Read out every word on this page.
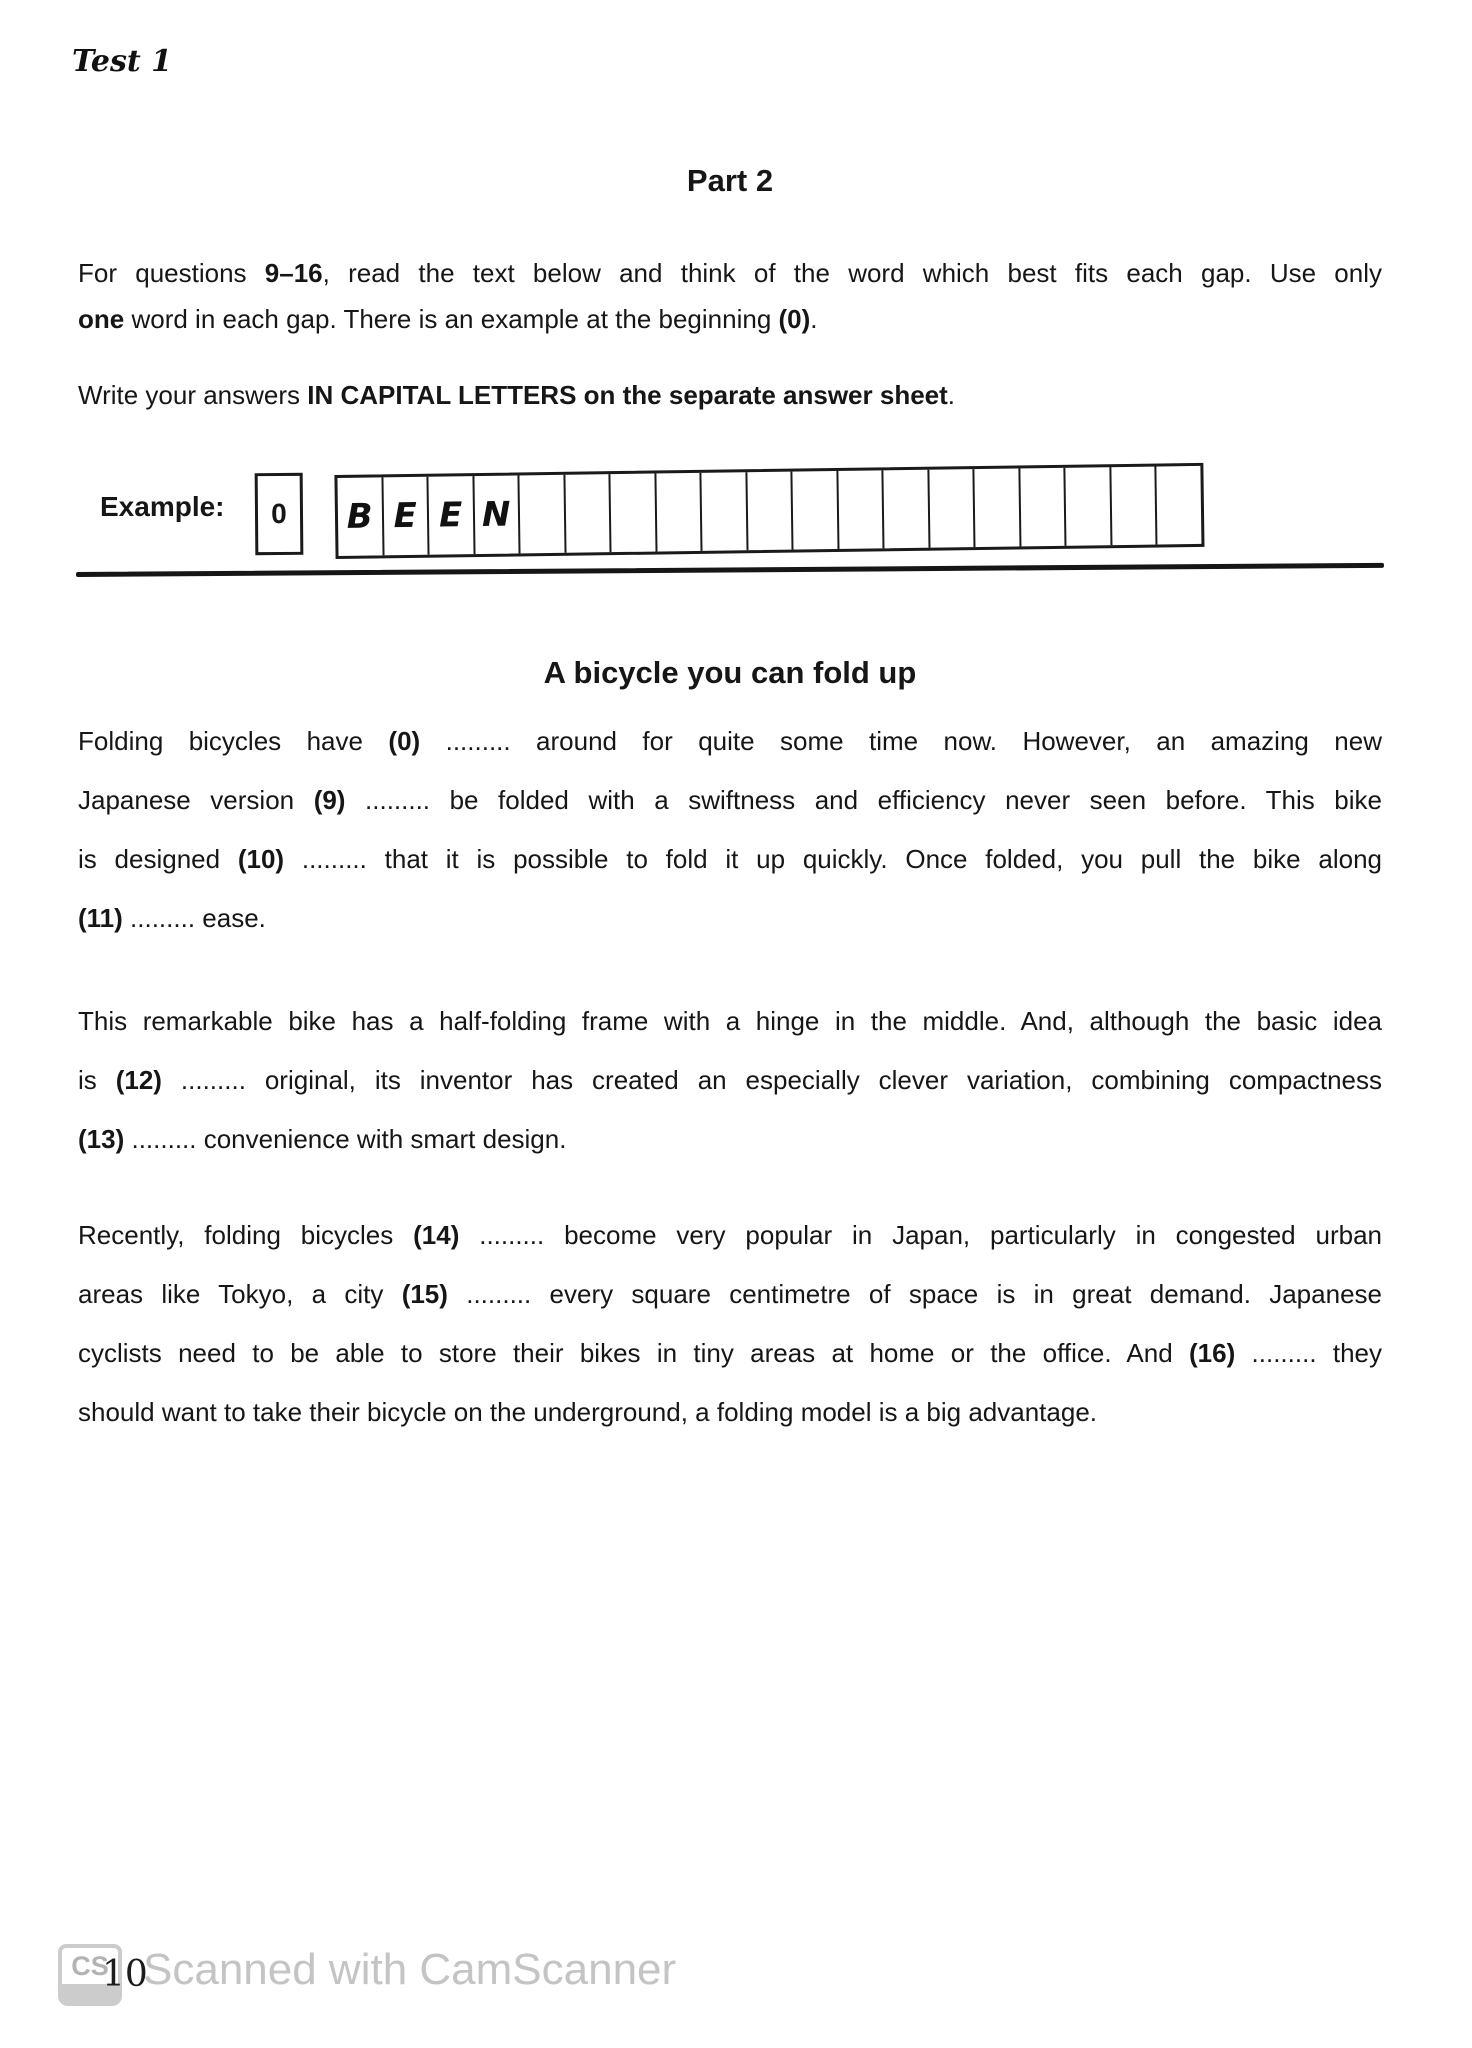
Test 1
Part 2
For questions 9–16, read the text below and think of the word which best fits each gap. Use only
one word in each gap. There is an example at the beginning (0).
Write your answers IN CAPITAL LETTERS on the separate answer sheet.
Example:	0	B E E N
A bicycle you can fold up
Folding bicycles have (0) ......... around for quite some time now. However, an amazing new
Japanese version (9) ......... be folded with a swiftness and efficiency never seen before. This bike
is designed (10) ......... that it is possible to fold it up quickly. Once folded, you pull the bike along
(11) ......... ease.
This remarkable bike has a half-folding frame with a hinge in the middle. And, although the basic idea
is (12) ......... original, its inventor has created an especially clever variation, combining compactness
(13) ......... convenience with smart design.
Recently, folding bicycles (14) ......... become very popular in Japan, particularly in congested urban
areas like Tokyo, a city (15) ......... every square centimetre of space is in great demand. Japanese
cyclists need to be able to store their bikes in tiny areas at home or the office. And (16) ......... they
should want to take their bicycle on the underground, a folding model is a big advantage.
Scanned with CamScanner
CS
10
